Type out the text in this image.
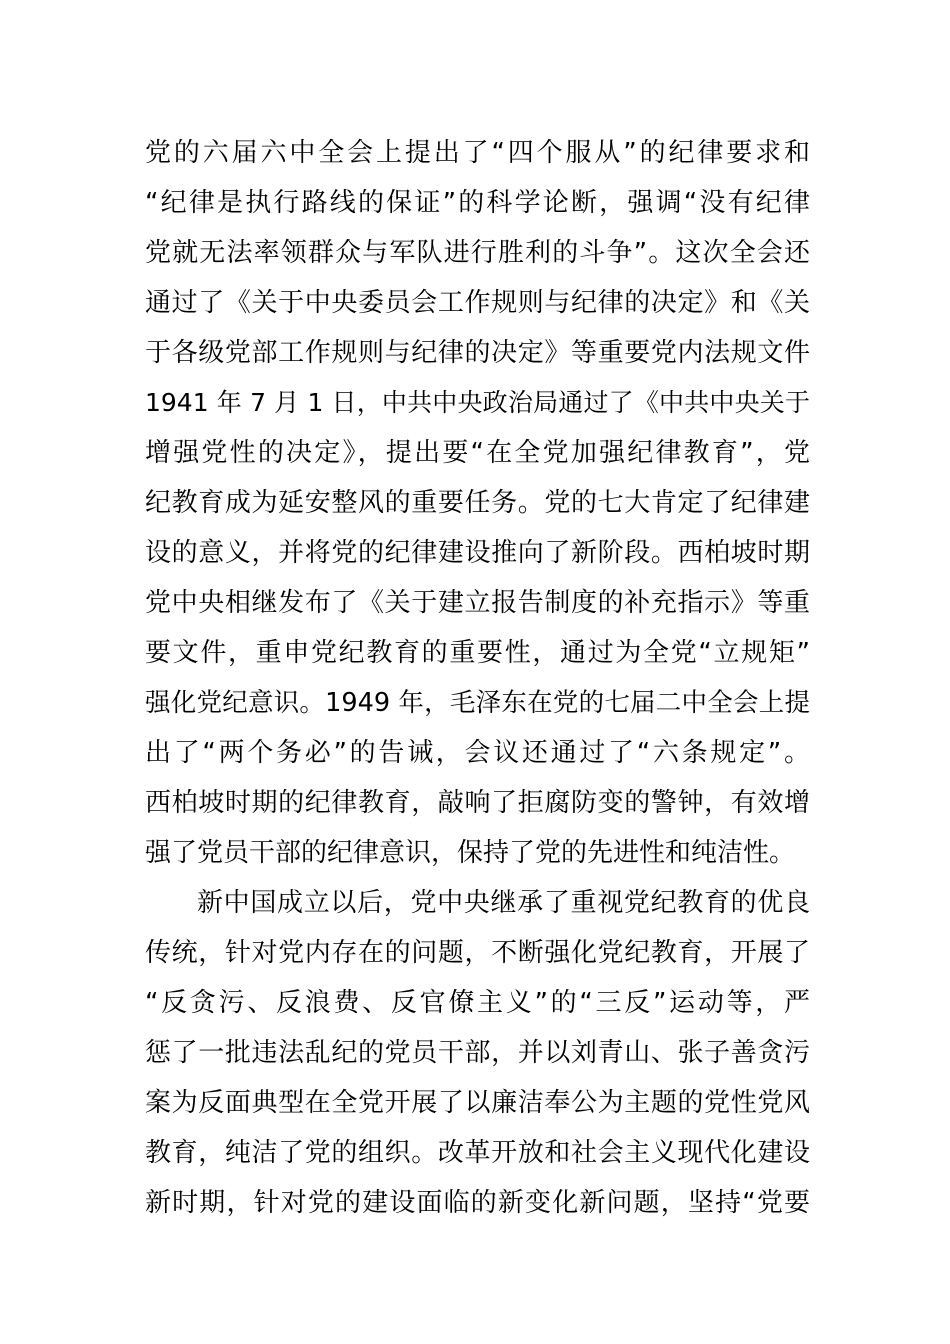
党的六届六中全会上提出了“四个服从”的纪律要求和
“纪律是执行路线的保证”的科学论断，强调“没有纪律
党就无法率领群众与军队进行胜利的斗争”。这次全会还
通过了《关于中央委员会工作规则与纪律的决定》和《关
于各级党部工作规则与纪律的决定》等重要党内法规文件
1941 年 7 月 1 日，中共中央政治局通过了《中共中央关于
增强党性的决定》，提出要“在全党加强纪律教育”，党
纪教育成为延安整风的重要任务。党的七大肯定了纪律建
设的意义，并将党的纪律建设推向了新阶段。西柏坡时期
党中央相继发布了《关于建立报告制度的补充指示》等重
要文件，重申党纪教育的重要性，通过为全党“立规矩”
强化党纪意识。1949 年，毛泽东在党的七届二中全会上提
出了“两个务必”的告诫，会议还通过了“六条规定”。
西柏坡时期的纪律教育，敲响了拒腐防变的警钟，有效增
强了党员干部的纪律意识，保持了党的先进性和纯洁性。
新中国成立以后，党中央继承了重视党纪教育的优良
传统，针对党内存在的问题，不断强化党纪教育，开展了
“反贪污、反浪费、反官僚主义”的“三反”运动等，严
惩了一批违法乱纪的党员干部，并以刘青山、张子善贪污
案为反面典型在全党开展了以廉洁奉公为主题的党性党风
教育，纯洁了党的组织。改革开放和社会主义现代化建设
新时期，针对党的建设面临的新变化新问题，坚持“党要
